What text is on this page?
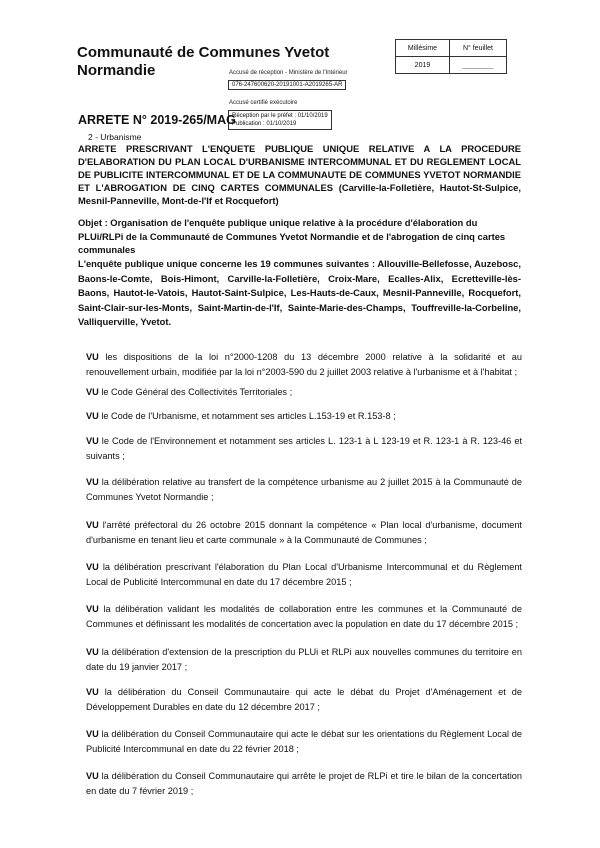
Communauté de Communes Yvetot
Normandie
Millésime	N° feuillet
2019	________
Accusé de réception - Ministère de l'Intérieur
076-247600620-20191001-A2019265-AR
Accusé certifié exécutoire
Réception par le préfet : 01/10/2019
Publication : 01/10/2019
ARRETE N° 2019-265/MAG
2 - Urbanisme
ARRETE PRESCRIVANT L'ENQUETE PUBLIQUE UNIQUE RELATIVE A LA PROCEDURE D'ELABORATION DU PLAN LOCAL D'URBANISME INTERCOMMUNAL ET DU REGLEMENT LOCAL DE PUBLICITE INTERCOMMUNAL ET DE LA COMMUNAUTE DE COMMUNES YVETOT NORMANDIE ET L'ABROGATION DE CINQ CARTES COMMUNALES (Carville-la-Folletière, Hautot-St-Sulpice, Mesnil-Panneville, Mont-de-l'If et Rocquefort)
Objet : Organisation de l'enquête publique unique relative à la procédure d'élaboration du PLUi/RLPi de la Communauté de Communes Yvetot Normandie et de l'abrogation de cinq cartes communales
L'enquête publique unique concerne les 19 communes suivantes : Allouville-Bellefosse, Auzebosc, Baons-le-Comte, Bois-Himont, Carville-la-Folletière, Croix-Mare, Ecalles-Alix, Ecretteville-lès-Baons, Hautot-le-Vatois, Hautot-Saint-Sulpice, Les-Hauts-de-Caux, Mesnil-Panneville, Rocquefort, Saint-Clair-sur-les-Monts, Saint-Martin-de-l'If, Sainte-Marie-des-Champs, Touffreville-la-Corbeline, Valliquerville, Yvetot.
VU les dispositions de la loi n°2000-1208 du 13 décembre 2000 relative à la solidarité et au renouvellement urbain, modifiée par la loi n°2003-590 du 2 juillet 2003 relative à l'urbanisme et à l'habitat ;
VU le Code Général des Collectivités Territoriales ;
VU le Code de l'Urbanisme, et notamment ses articles L.153-19 et R.153-8 ;
VU le Code de l'Environnement et notamment ses articles L. 123-1 à L 123-19 et R. 123-1 à R. 123-46 et suivants ;
VU la délibération relative au transfert de la compétence urbanisme au 2 juillet 2015 à la Communauté de Communes Yvetot Normandie ;
VU l'arrêté préfectoral du 26 octobre 2015 donnant la compétence « Plan local d'urbanisme, document d'urbanisme en tenant lieu et carte communale » à la Communauté de Communes ;
VU la délibération prescrivant l'élaboration du Plan Local d'Urbanisme Intercommunal et du Règlement Local de Publicité Intercommunal en date du 17 décembre 2015 ;
VU la délibération validant les modalités de collaboration entre les communes et la Communauté de Communes et définissant les modalités de concertation avec la population en date du 17 décembre 2015 ;
VU la délibération d'extension de la prescription du PLUi et RLPi aux nouvelles communes du territoire en date du 19 janvier 2017 ;
VU la délibération du Conseil Communautaire qui acte le débat du Projet d'Aménagement et de Développement Durables en date du 12 décembre 2017 ;
VU la délibération du Conseil Communautaire qui acte le débat sur les orientations du Règlement Local de Publicité Intercommunal en date du 22 février 2018 ;
VU la délibération du Conseil Communautaire qui arrête le projet de RLPi et tire le bilan de la concertation en date du 7 février 2019 ;
